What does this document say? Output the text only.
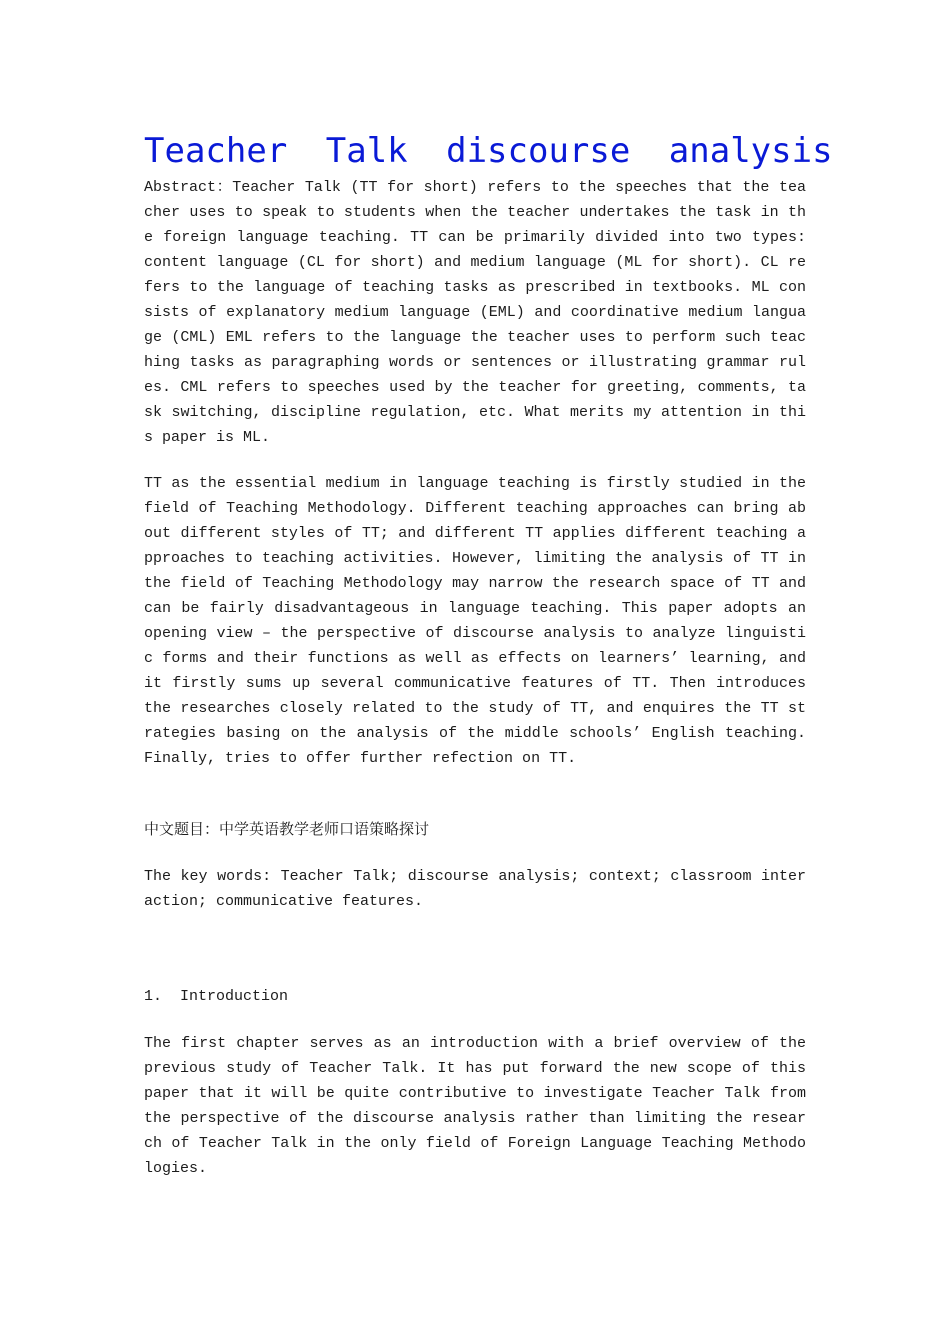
Teacher Talk discourse analysis

Abstract：Teacher Talk (TT for short) refers to the speeches that the teacher uses to speak to students when the teacher undertakes the task in the foreign language teaching. TT can be primarily divided into two types: content language (CL for short) and medium language (ML for short). CL refers to the language of teaching tasks as prescribed in textbooks. ML consists of explanatory medium language (EML) and coordinative medium language (CML) EML refers to the language the teacher uses to perform such teaching tasks as paragraphing words or sentences or illustrating grammar rules. CML refers to speeches used by the teacher for greeting, comments, task switching, discipline regulation, etc. What merits my attention in this paper is ML.

TT as the essential medium in language teaching is firstly studied in the field of Teaching Methodology. Different teaching approaches can bring about different styles of TT; and different TT applies different teaching approaches to teaching activities. However, limiting the analysis of TT in the field of Teaching Methodology may narrow the research space of TT and can be fairly disadvantageous in language teaching. This paper adopts an opening view – the perspective of discourse analysis to analyze linguistic forms and their functions as well as effects on learners’ learning, and it firstly sums up several communicative features of TT. Then introduces the researches closely related to the study of TT, and enquires the TT strategies basing on the analysis of the middle schools’ English teaching. Finally, tries to offer further refection on TT.

中文题目：中学英语教学老师口语策略探讨

The key words: Teacher Talk; discourse analysis; context; classroom interaction; communicative features.

1.  Introduction

The first chapter serves as an introduction with a brief overview of the previous study of Teacher Talk. It has put forward the new scope of this paper that it will be quite contributive to investigate Teacher Talk from the perspective of the discourse analysis rather than limiting the research of Teacher Talk in the only field of Foreign Language Teaching Methodologies.
